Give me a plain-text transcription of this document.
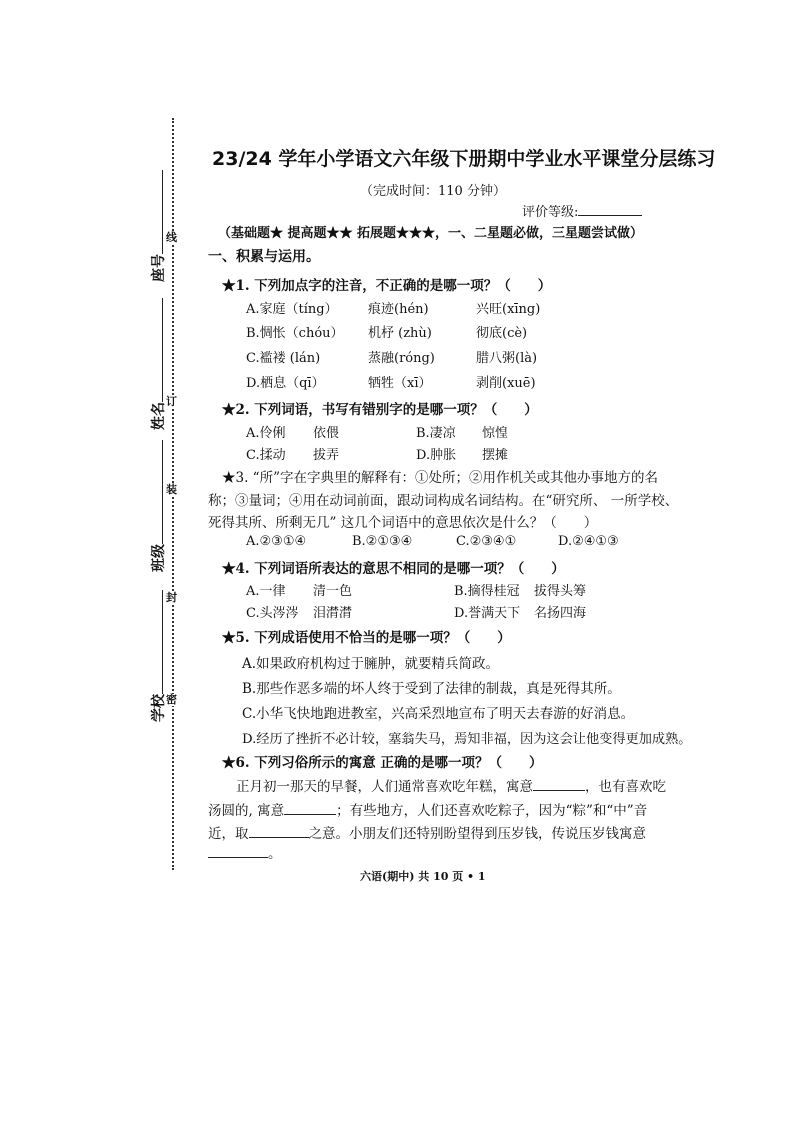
线
订
装
封
密
座号
姓名
班级
学校
23/24 学年小学语文六年级下册期中学业水平课堂分层练习
（完成时间：110 分钟）
评价等级:
（基础题★ 提高题★★ 拓展题★★★，一、二星题必做，三星题尝试做）
一、积累与运用。
★1. 下列加点字的注音，不正确的是哪一项？（　　）
A.家庭（tíng） 痕迹(hén)	兴旺(xīng)
B.惆怅（chóu） 机杼 (zhù)	彻底(cè)
C.褴褛 (lán)	蒸融(róng)	腊八粥(là)
D.栖息（qī）	牺牲（xī）	剥削(xuē)
★2. 下列词语，书写有错别字的是哪一项？（　　）
A.伶俐 依偎	B.凄凉 惊惶
C.揉动 拔弄	D.肿胀 摆摊
★3. “所”字在字典里的解释有：①处所；②用作机关或其他办事地方的名
称；③量词；④用在动词前面，跟动词构成名词结构。在“研究所、 一所学校、
死得其所、所剩无几” 这几个词语中的意思依次是什么？（　　）
A.②③①④	B.②①③④	C.②③④①	D.②④①③
★4. 下列词语所表达的意思不相同的是哪一项？（　　）
A.一律 清一色	B.摘得桂冠 拔得头筹
C.头涔涔 泪潸潸	D.誉满天下 名扬四海
★5. 下列成语使用不恰当的是哪一项？（　　）
A.如果政府机构过于臃肿，就要精兵简政。
B.那些作恶多端的坏人终于受到了法律的制裁，真是死得其所。
C.小华飞快地跑进教室，兴高采烈地宣布了明天去春游的好消息。
D.经历了挫折不必计较，塞翁失马，焉知非福，因为这会让他变得更加成熟。
★6. 下列习俗所示的寓意 正确的是哪一项？（　　）
正月初一那天的早餐，人们通常喜欢吃年糕，寓意	，也有喜欢吃
汤圆的, 寓意	；有些地方，人们还喜欢吃粽子，因为“粽”和“中”音
近，取	之意。小朋友们还特别盼望得到压岁钱，传说压岁钱寓意
。
六语(期中) 共 10 页 • 1
